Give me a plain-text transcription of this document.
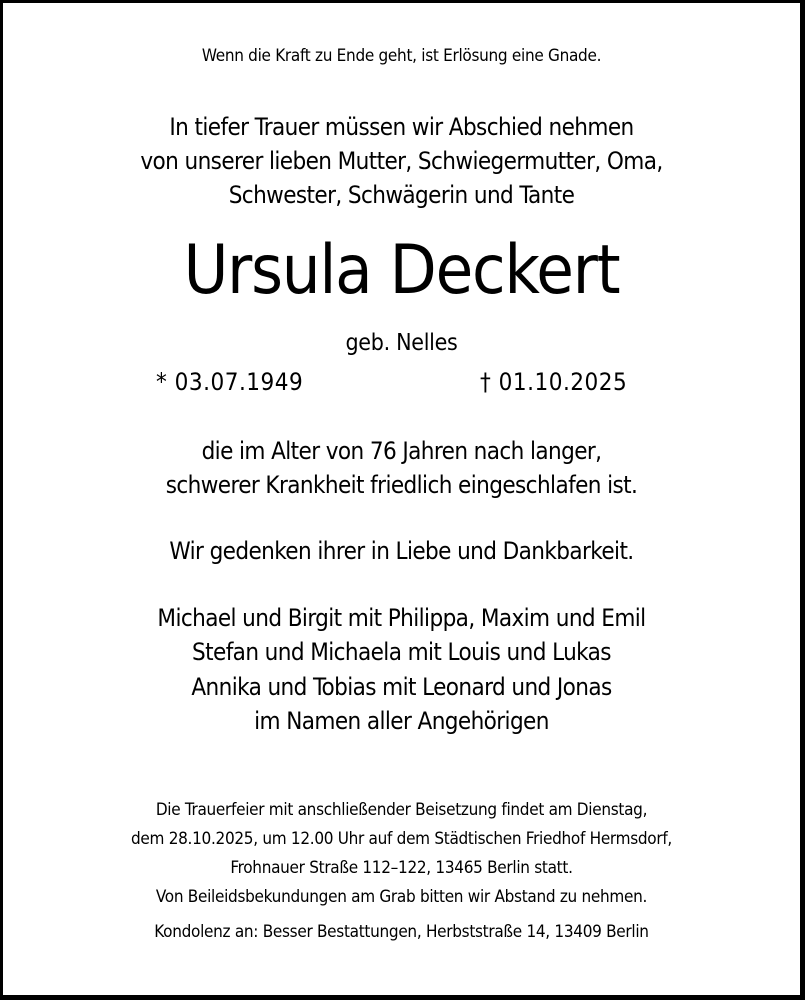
Wenn die Kraft zu Ende geht, ist Erlösung eine Gnade.
In tiefer Trauer müssen wir Abschied nehmen
von unserer lieben Mutter, Schwiegermutter, Oma,
Schwester, Schwägerin und Tante
Ursula Deckert
geb. Nelles
* 03.07.1949	† 01.10.2025
die im Alter von 76 Jahren nach langer,
schwerer Krankheit friedlich eingeschlafen ist.
Wir gedenken ihrer in Liebe und Dankbarkeit.
Michael und Birgit mit Philippa, Maxim und Emil
Stefan und Michaela mit Louis und Lukas
Annika und Tobias mit Leonard und Jonas
im Namen aller Angehörigen
Die Trauerfeier mit anschließender Beisetzung findet am Dienstag,
dem 28.10.2025, um 12.00 Uhr auf dem Städtischen Friedhof Hermsdorf,
Frohnauer Straße 112–122, 13465 Berlin statt.
Von Beileidsbekundungen am Grab bitten wir Abstand zu nehmen.
Kondolenz an: Besser Bestattungen, Herbststraße 14, 13409 Berlin
